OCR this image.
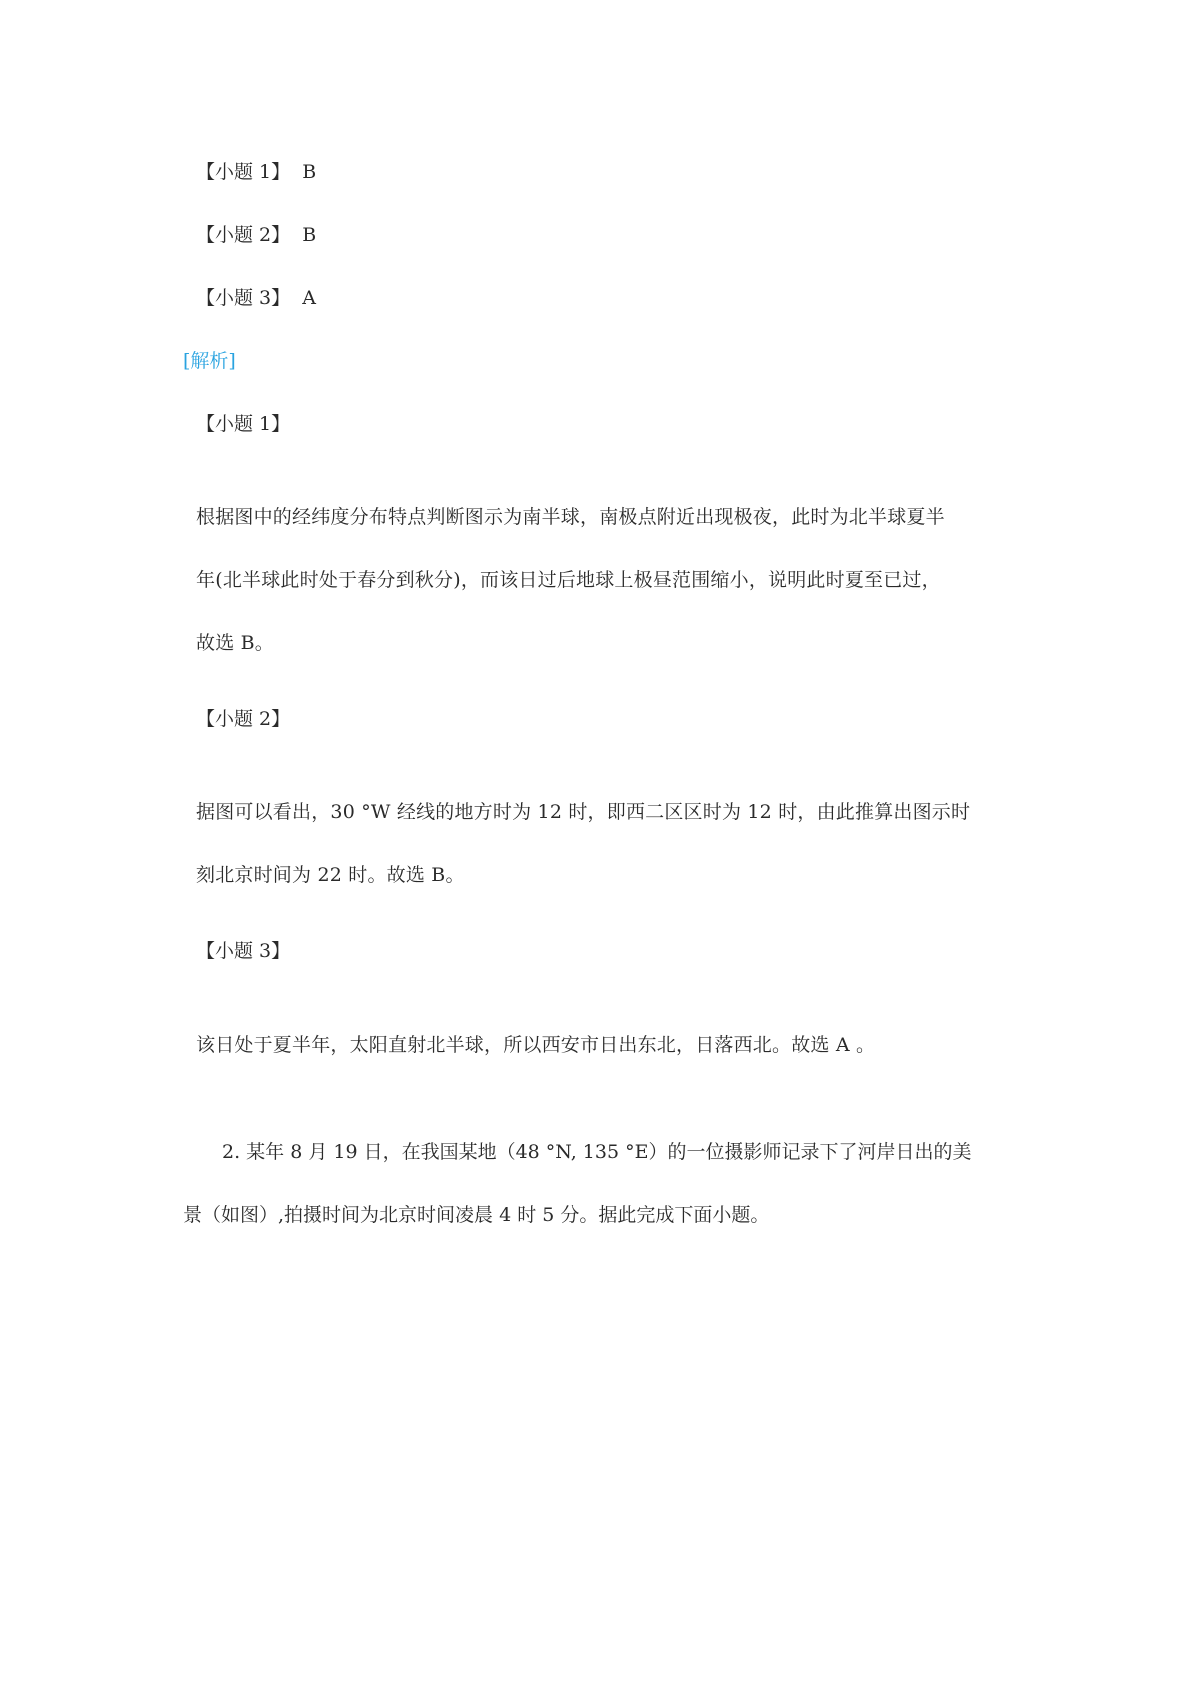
【小题 1】 B
【小题 2】 B
【小题 3】 A
[解析]
【小题 1】
根据图中的经纬度分布特点判断图示为南半球，南极点附近出现极夜，此时为北半球夏半
年(北半球此时处于春分到秋分)，而该日过后地球上极昼范围缩小，说明此时夏至已过，
故选 B。
【小题 2】
据图可以看出，30 °W 经线的地方时为 12 时，即西二区区时为 12 时，由此推算出图示时
刻北京时间为 22 时。故选 B。
【小题 3】
该日处于夏半年，太阳直射北半球，所以西安市日出东北，日落西北。故选 A 。
2. 某年 8 月 19 日，在我国某地（48 °N, 135 °E）的一位摄影师记录下了河岸日出的美
景（如图）,拍摄时间为北京时间凌晨 4 时 5 分。据此完成下面小题。
